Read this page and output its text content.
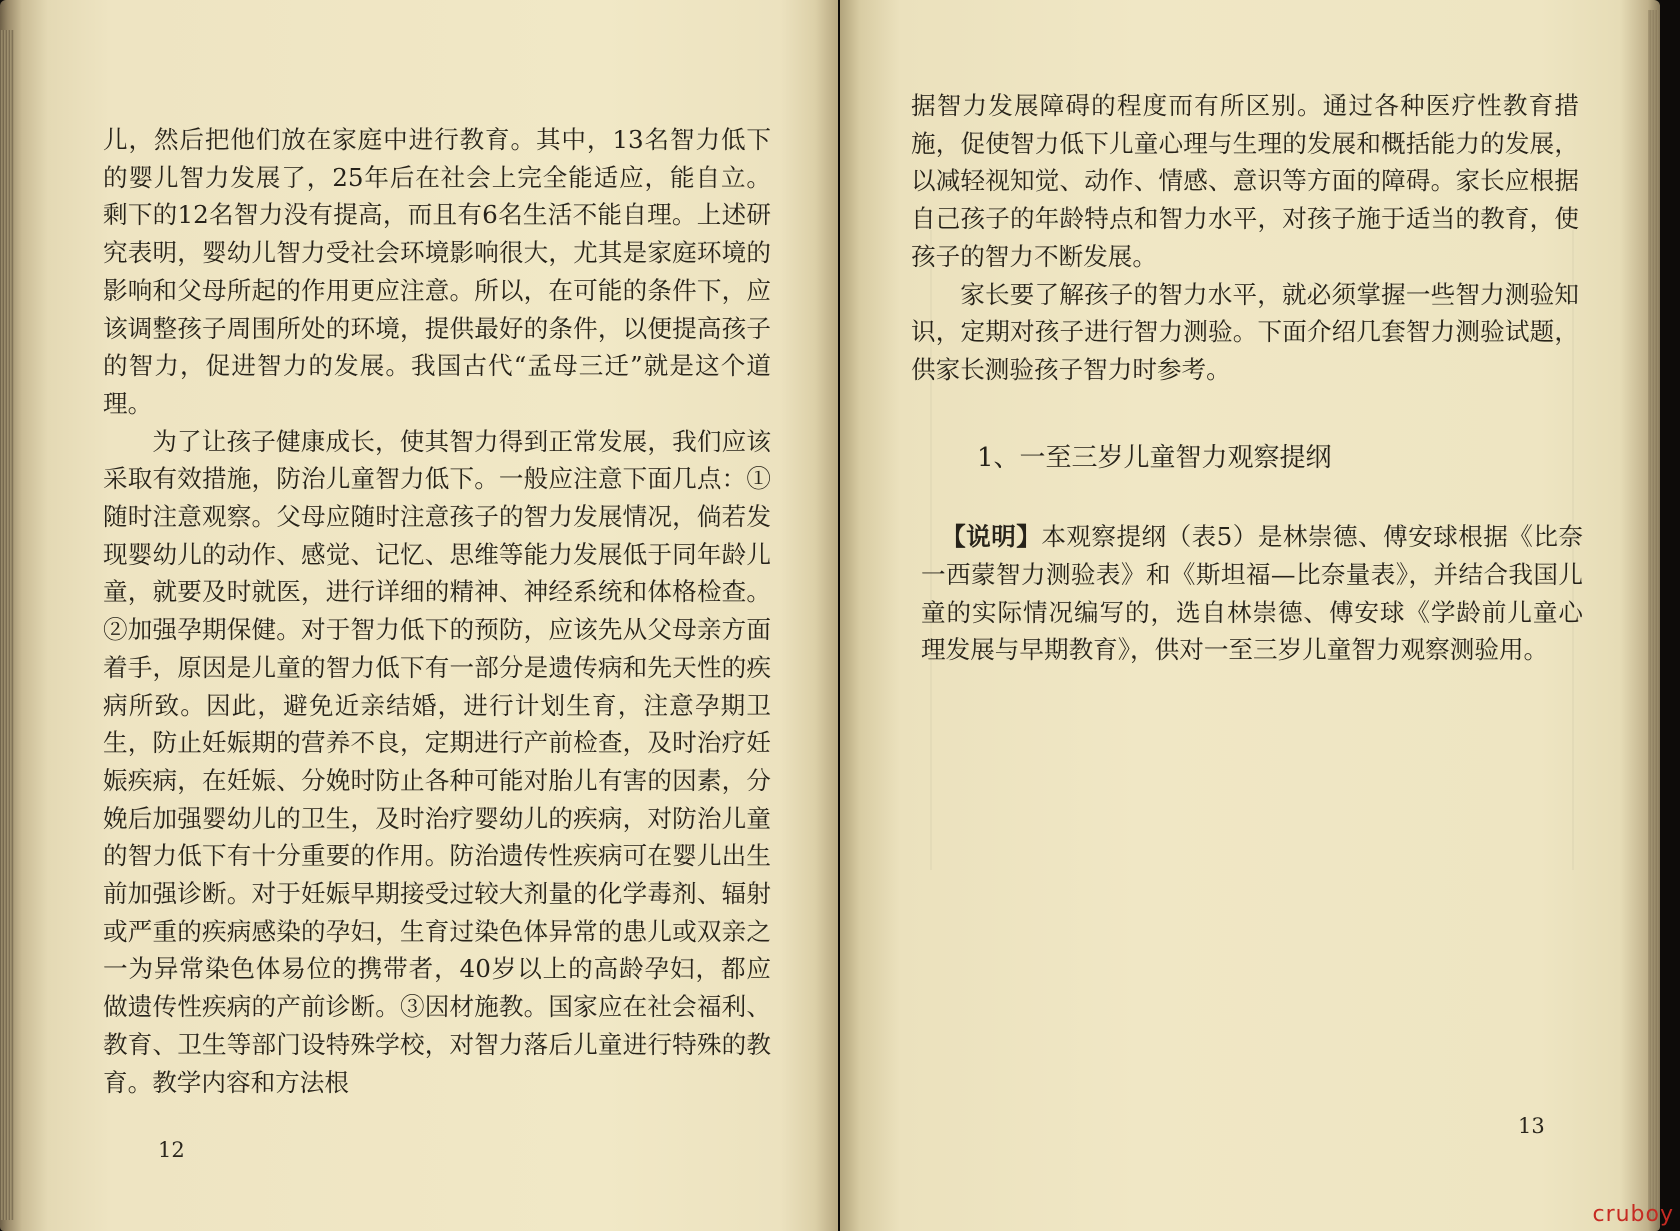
儿，然后把他们放在家庭中进行教育。其中，13名智力低下的婴儿智力发展了，25年后在社会上完全能适应，能自立。剩下的12名智力没有提高，而且有6名生活不能自理。上述研究表明，婴幼儿智力受社会环境影响很大，尤其是家庭环境的影响和父母所起的作用更应注意。所以，在可能的条件下，应该调整孩子周围所处的环境，提供最好的条件，以便提高孩子的智力，促进智力的发展。我国古代“孟母三迁”就是这个道理。

为了让孩子健康成长，使其智力得到正常发展，我们应该采取有效措施，防治儿童智力低下。一般应注意下面几点：①随时注意观察。父母应随时注意孩子的智力发展情况，倘若发现婴幼儿的动作、感觉、记忆、思维等能力发展低于同年龄儿童，就要及时就医，进行详细的精神、神经系统和体格检查。②加强孕期保健。对于智力低下的预防，应该先从父母亲方面着手，原因是儿童的智力低下有一部分是遗传病和先天性的疾病所致。因此，避免近亲结婚，进行计划生育，注意孕期卫生，防止妊娠期的营养不良，定期进行产前检查，及时治疗妊娠疾病，在妊娠、分娩时防止各种可能对胎儿有害的因素，分娩后加强婴幼儿的卫生，及时治疗婴幼儿的疾病，对防治儿童的智力低下有十分重要的作用。防治遗传性疾病可在婴儿出生前加强诊断。对于妊娠早期接受过较大剂量的化学毒剂、辐射或严重的疾病感染的孕妇，生育过染色体异常的患儿或双亲之一为异常染色体易位的携带者，40岁以上的高龄孕妇，都应做遗传性疾病的产前诊断。③因材施教。国家应在社会福利、教育、卫生等部门设特殊学校，对智力落后儿童进行特殊的教育。教学内容和方法根

12

据智力发展障碍的程度而有所区别。通过各种医疗性教育措施，促使智力低下儿童心理与生理的发展和概括能力的发展，以减轻视知觉、动作、情感、意识等方面的障碍。家长应根据自己孩子的年龄特点和智力水平，对孩子施于适当的教育，使孩子的智力不断发展。

家长要了解孩子的智力水平，就必须掌握一些智力测验知识，定期对孩子进行智力测验。下面介绍几套智力测验试题，供家长测验孩子智力时参考。

1、一至三岁儿童智力观察提纲
【说明】本观察提纲（表5）是林崇德、傅安球根据《比奈一西蒙智力测验表》和《斯坦福—比奈量表》，并结合我国儿童的实际情况编写的，选自林崇德、傅安球《学龄前儿童心理发展与早期教育》，供对一至三岁儿童智力观察测验用。
13
cruboy
